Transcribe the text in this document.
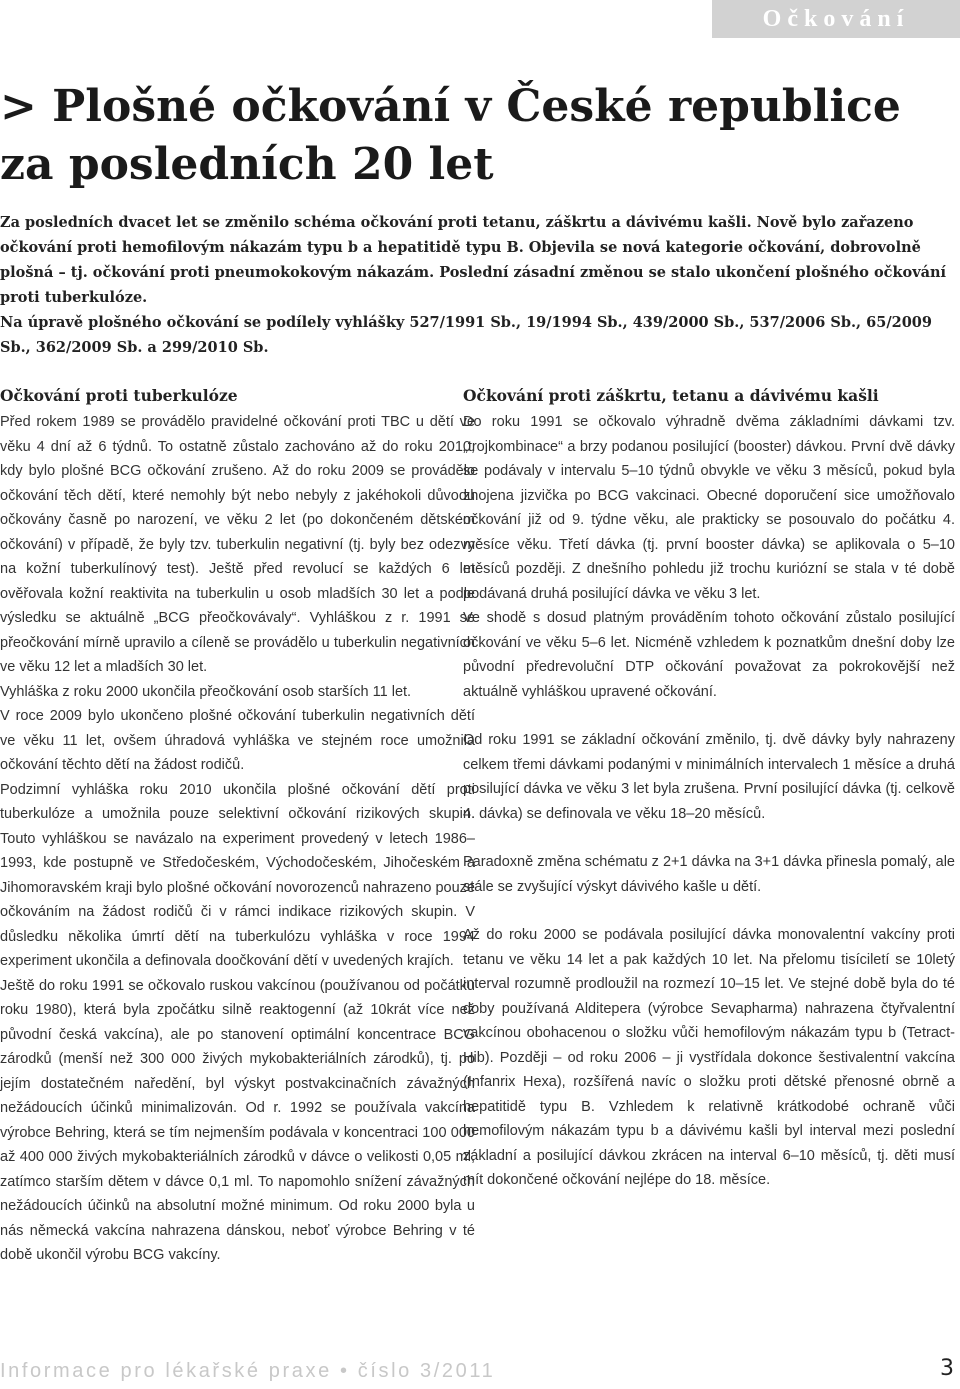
Očkování
> Plošné očkování v České republice za posledních 20 let

Za posledních dvacet let se změnilo schéma očkování proti tetanu, záškrtu a dávivému kašli. Nově bylo zařazeno očkování proti hemofilovým nákazám typu b a hepatitidě typu B. Objevila se nová kategorie očkování, dobrovolně plošná – tj. očkování proti pneumokokovým nákazám. Poslední zásadní změnou se stalo ukončení plošného očkování proti tuberkulóze.

Na úpravě plošného očkování se podílely vyhlášky 527/1991 Sb., 19/1994 Sb., 439/2000 Sb., 537/2006 Sb., 65/2009 Sb., 362/2009 Sb. a 299/2010 Sb.

Očkování proti tuberkulóze

Před rokem 1989 se provádělo pravidelné očkování proti TBC u dětí ve věku 4 dní až 6 týdnů. To ostatně zůstalo zachováno až do roku 2010, kdy bylo plošné BCG očkování zrušeno. Až do roku 2009 se provádělo očkování těch dětí, které nemohly být nebo nebyly z jakéhokoli důvodu očkovány časně po narození, ve věku 2 let (po dokončeném dětském očkování) v případě, že byly tzv. tuberkulin negativní (tj. byly bez odezvy na kožní tuberkulínový test). Ještě před revolucí se každých 6 let ověřovala kožní reaktivita na tuberkulin u osob mladších 30 let a podle výsledku se aktuálně „BCG přeočkovávaly“. Vyhláškou z r. 1991 se přeočkování mírně upravilo a cíleně se provádělo u tuberkulin negativních ve věku 12 let a mladších 30 let.

Vyhláška z roku 2000 ukončila přeočkování osob starších 11 let.

V roce 2009 bylo ukončeno plošné očkování tuberkulin negativních dětí ve věku 11 let, ovšem úhradová vyhláška ve stejném roce umožnila očkování těchto dětí na žádost rodičů.

Podzimní vyhláška roku 2010 ukončila plošné očkování dětí proti tuberkulóze a umožnila pouze selektivní očkování rizikových skupin. Touto vyhláškou se navázalo na experiment provedený v letech 1986–1993, kde postupně ve Středočeském, Východočeském, Jihočeském a Jihomoravském kraji bylo plošné očkování novorozenců nahrazeno pouze očkováním na žádost rodičů či v rámci indikace rizikových skupin. V důsledku několika úmrtí dětí na tuberkulózu vyhláška v roce 1994 experiment ukončila a definovala doočkování dětí v uvedených krajích.

Ještě do roku 1991 se očkovalo ruskou vakcínou (používanou od počátku roku 1980), která byla zpočátku silně reaktogenní (až 10krát více než původní česká vakcína), ale po stanovení optimální koncentrace BCG zárodků (menší než 300 000 živých mykobakteriálních zárodků), tj. po jejím dostatečném naředění, byl výskyt postvakcinačních závažných nežádoucích účinků minimalizován. Od r. 1992 se používala vakcína výrobce Behring, která se tím nejmenším podávala v koncentraci 100 000 až 400 000 živých mykobakteriálních zárodků v dávce o velikosti 0,05 ml, zatímco starším dětem v dávce 0,1 ml. To napomohlo snížení závažných nežádoucích účinků na absolutní možné minimum. Od roku 2000 byla u nás německá vakcína nahrazena dánskou, neboť výrobce Behring v té době ukončil výrobu BCG vakcíny.

Očkování proti záškrtu, tetanu a dávivému kašli

Do roku 1991 se očkovalo výhradně dvěma základními dávkami tzv. „trojkombinace“ a brzy podanou posilující (booster) dávkou. První dvě dávky se podávaly v intervalu 5–10 týdnů obvykle ve věku 3 měsíců, pokud byla zhojena jizvička po BCG vakcinaci. Obecné doporučení sice umožňovalo očkování již od 9. týdne věku, ale prakticky se posouvalo do počátku 4. měsíce věku. Třetí dávka (tj. první booster dávka) se aplikovala o 5–10 měsíců později. Z dnešního pohledu již trochu kuriózní se stala v té době podávaná druhá posilující dávka ve věku 3 let.

Ve shodě s dosud platným prováděním tohoto očkování zůstalo posilující očkování ve věku 5–6 let. Nicméně vzhledem k poznatkům dnešní doby lze původní předrevoluční DTP očkování považovat za pokrokovější než aktuálně vyhláškou upravené očkování.

Od roku 1991 se základní očkování změnilo, tj. dvě dávky byly nahrazeny celkem třemi dávkami podanými v minimálních intervalech 1 měsíce a druhá posilující dávka ve věku 3 let byla zrušena. První posilující dávka (tj. celkově 4. dávka) se definovala ve věku 18–20 měsíců.

Paradoxně změna schématu z 2+1 dávka na 3+1 dávka přinesla pomalý, ale stále se zvyšující výskyt dávivého kašle u dětí.

Až do roku 2000 se podávala posilující dávka monovalentní vakcíny proti tetanu ve věku 14 let a pak každých 10 let. Na přelomu tisíciletí se 10letý interval rozumně prodloužil na rozmezí 10–15 let. Ve stejné době byla do té doby používaná Alditepera (výrobce Sevapharma) nahrazena čtyřvalentní vakcínou obohacenou o složku vůči hemofilovým nákazám typu b (Tetract-Hib). Později – od roku 2006 – ji vystřídala dokonce šestivalentní vakcína (Infanrix Hexa), rozšířená navíc o složku proti dětské přenosné obrně a hepatitidě typu B. Vzhledem k relativně krátkodobé ochraně vůči hemofilovým nákazám typu b a dávivému kašli byl interval mezi poslední základní a posilující dávkou zkrácen na interval 6–10 měsíců, tj. děti musí mít dokončené očkování nejlépe do 18. měsíce.

Informace pro lékařské praxe • číslo 3/2011	3
